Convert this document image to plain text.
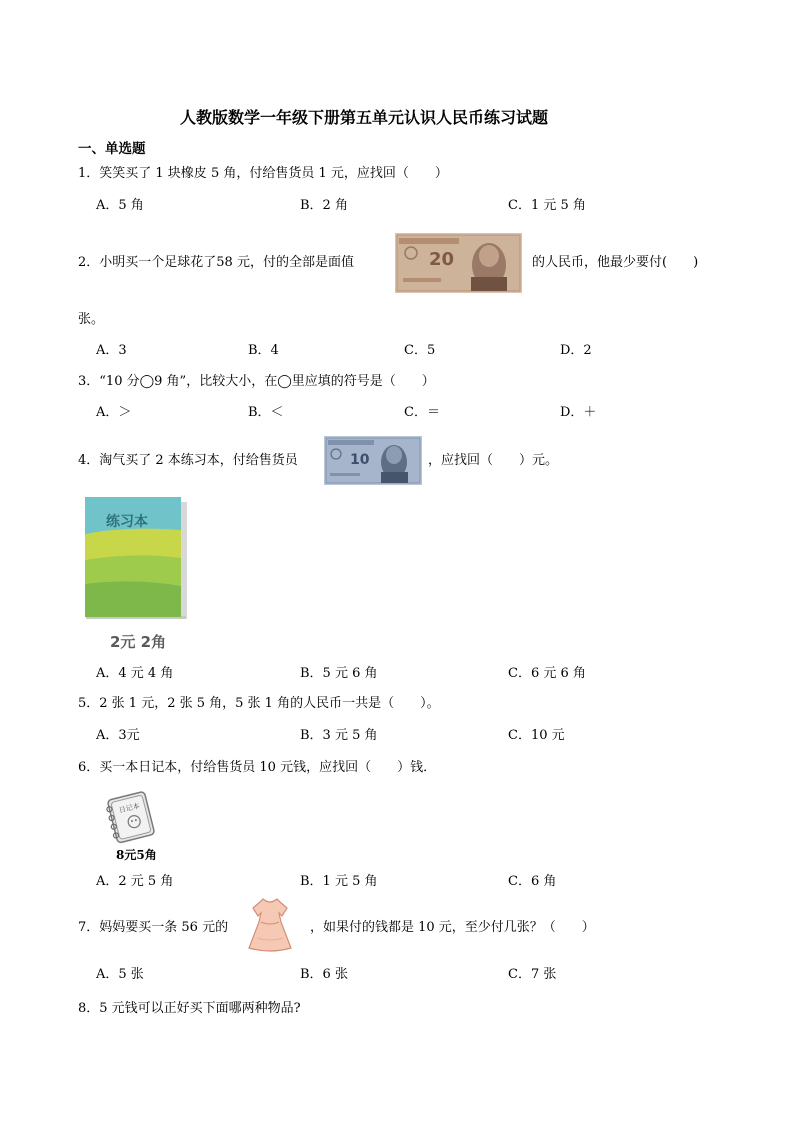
人教版数学一年级下册第五单元认识人民币练习试题
一、单选题
1．笑笑买了 1 块橡皮 5 角，付给售货员 1 元，应找回（　　）
A．5 角	B．2 角	C．1 元 5 角
2．小明买一个足球花了58 元，付的全部是面值	20	的人民币，他最少要付(　　)
张。
A．3	B．4	C．5	D．2
3．“10 分◯9 角”，比较大小，在◯里应填的符号是（　　）
A．＞	B．＜	C．＝	D．＋
4．淘气买了 2 本练习本，付给售货员	10	，应找回（　　）元。
练习本
2元 2角
A．4 元 4 角	B．5 元 6 角	C．6 元 6 角
5．2 张 1 元，2 张 5 角，5 张 1 角的人民币一共是（　　）。
A．3元	B．3 元 5 角	C．10 元
6．买一本日记本，付给售货员 10 元钱，应找回（　　）钱．
日记本
8元5角
A．2 元 5 角	B．1 元 5 角	C．6 角
7．妈妈要买一条 56 元的	，如果付的钱都是 10 元，至少付几张？（　　）
A．5 张	B．6 张	C．7 张
8．5 元钱可以正好买下面哪两种物品?
